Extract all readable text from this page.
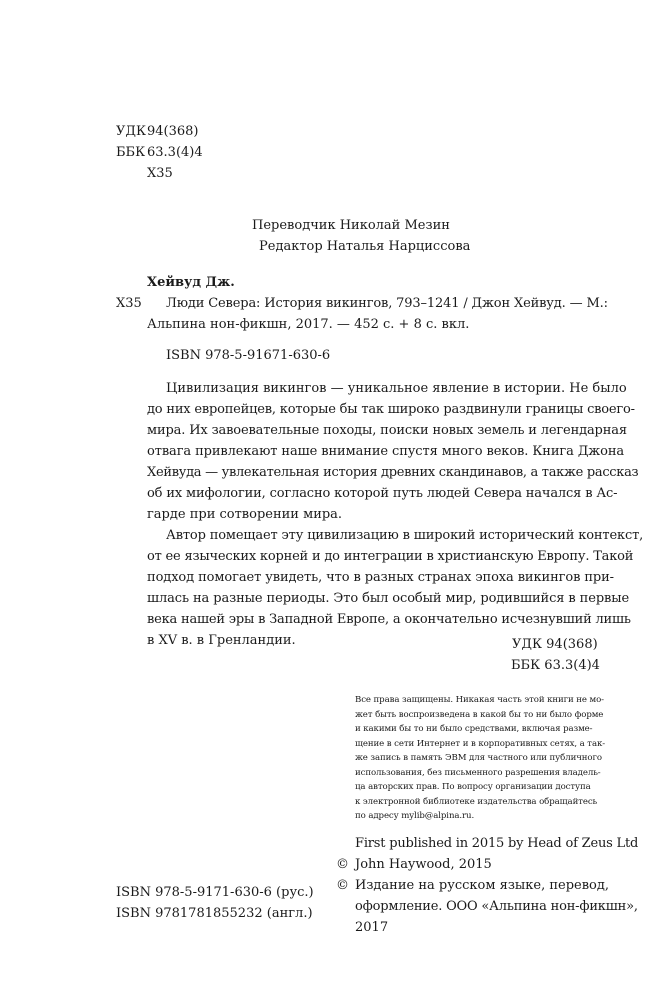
УДК 94(368)
ББК 63.3(4)4
Х35
Переводчик Николай Мезин
Редактор Наталья Нарциссова
Хейвуд Дж.
Х35 Люди Севера: История викингов, 793–1241 / Джон Хейвуд. — М.:
Альпина нон-фикшн, 2017. — 452 с. + 8 с. вкл.
ISBN 978-5-91671-630-6
Цивилизация викингов — уникальное явление в истории. Не было
до них европейцев, которые бы так широко раздвинули границы своего-
мира. Их завоевательные походы, поиски новых земель и легендарная
отвага привлекают наше внимание спустя много веков. Книга Джона
Хейвуда — увлекательная история древних скандинавов, а также рассказ
об их мифологии, согласно которой путь людей Севера начался в Ас-
гарде при сотворении мира.
Автор помещает эту цивилизацию в широкий исторический контекст,
от ее языческих корней и до интеграции в христианскую Европу. Такой
подход помогает увидеть, что в разных странах эпоха викингов при-
шлась на разные периоды. Это был особый мир, родившийся в первые
века нашей эры в Западной Европе, а окончательно исчезнувший лишь
в XV в. в Гренландии.	УДК 94(368)
ББК 63.3(4)4
Все права защищены. Никакая часть этой книги не мо-
жет быть воспроизведена в какой бы то ни было форме
и какими бы то ни было средствами, включая разме-
щение в сети Интернет и в корпоративных сетях, а так-
же запись в память ЭВМ для частного или публичного
использования, без письменного разрешения владель-
ца авторских прав. По вопросу организации доступа
к электронной библиотеке издательства обращайтесь
по адресу mylib@alpina.ru.
First published in 2015 by Head of Zeus Ltd
© John Haywood, 2015
© Издание на русском языке, перевод,
оформление. ООО «Альпина нон-фикшн»,
2017
ISBN 978-5-9171-630-6 (рус.)
ISBN 9781781855232 (англ.)
